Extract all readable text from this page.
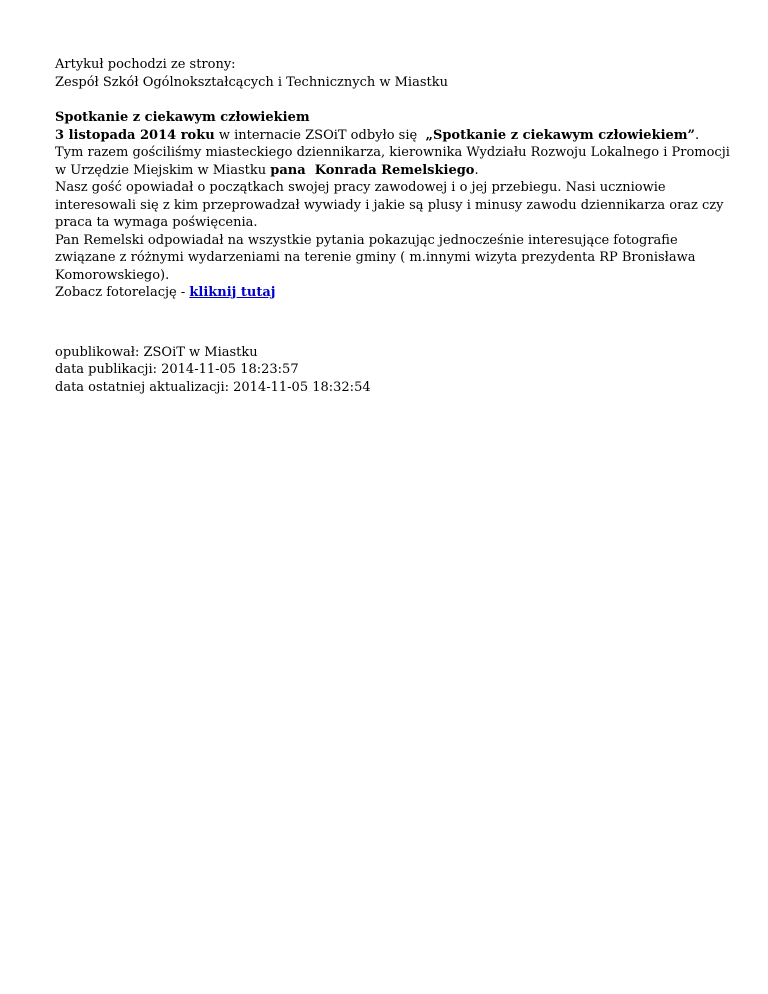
Artykuł pochodzi ze strony:

Zespół Szkół Ogólnokształcących i Technicznych w Miastku

Spotkanie z ciekawym człowiekiem

3 listopada 2014 roku w internacie ZSOiT odbyło się  „Spotkanie z ciekawym człowiekiem”.

Tym razem gościliśmy miasteckiego dziennikarza, kierownika Wydziału Rozwoju Lokalnego i Promocji w Urzędzie Miejskim w Miastku pana  Konrada Remelskiego.

Nasz gość opowiadał o początkach swojej pracy zawodowej i o jej przebiegu. Nasi uczniowie interesowali się z kim przeprowadzał wywiady i jakie są plusy i minusy zawodu dziennikarza oraz czy praca ta wymaga poświęcenia.

Pan Remelski odpowiadał na wszystkie pytania pokazując jednocześnie interesujące fotografie związane z różnymi wydarzeniami na terenie gminy ( m.innymi wizyta prezydenta RP Bronisława Komorowskiego).

Zobacz fotorelację - kliknij tutaj

opublikował: ZSOiT w Miastku

data publikacji: 2014-11-05 18:23:57

data ostatniej aktualizacji: 2014-11-05 18:32:54
